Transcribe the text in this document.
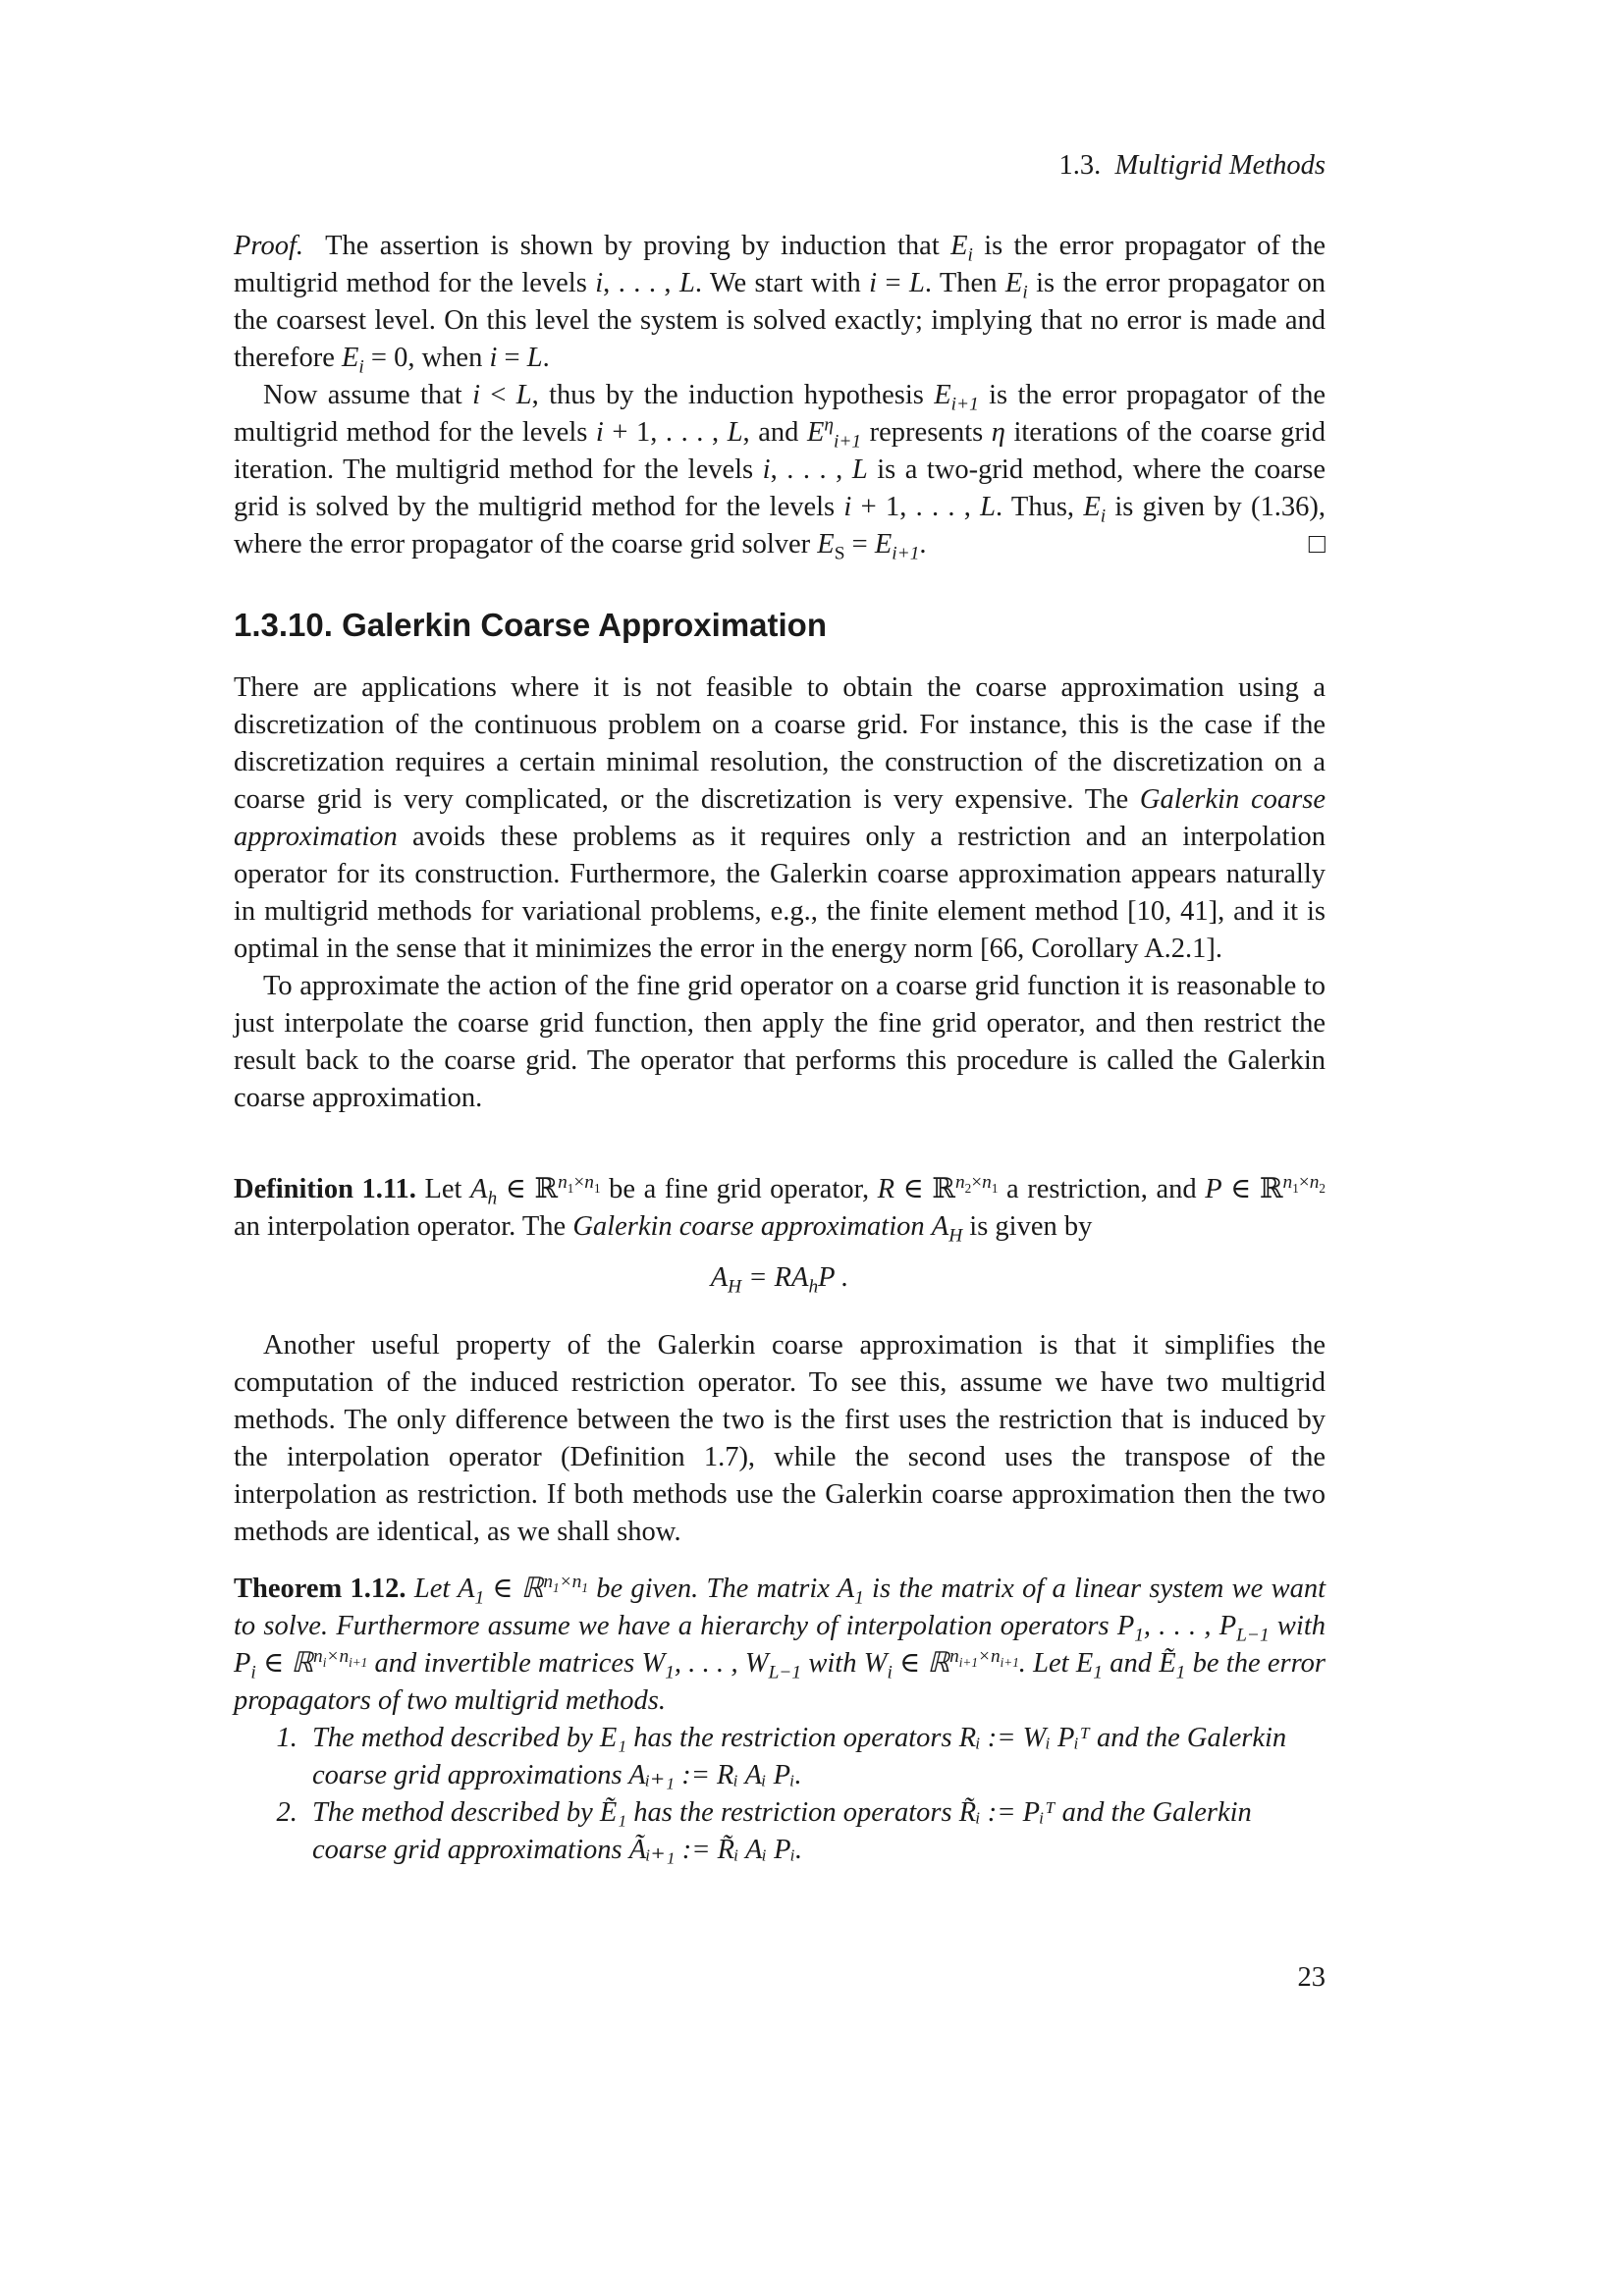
1.3.  Multigrid Methods

Proof.  The assertion is shown by proving by induction that $E_i$ is the error propagator of the multigrid method for the levels i, . . . , L. We start with i = L. Then $E_i$ is the error propagator on the coarsest level. On this level the system is solved exactly; implying that no error is made and therefore $E_i = 0$, when i = L.

Now assume that i < L, thus by the induction hypothesis $E_{i+1}$ is the error propagator of the multigrid method for the levels i + 1, . . . , L, and $E^\eta_{i+1}$ represents η iterations of the coarse grid iteration. The multigrid method for the levels i, . . . , L is a two-grid method, where the coarse grid is solved by the multigrid method for the levels i + 1, . . . , L. Thus, $E_i$ is given by (1.36), where the error propagator of the coarse grid solver $E_S = E_{i+1}$.	□

1.3.10. Galerkin Coarse Approximation

There are applications where it is not feasible to obtain the coarse approximation using a discretization of the continuous problem on a coarse grid. For instance, this is the case if the discretization requires a certain minimal resolution, the construction of the discretization on a coarse grid is very complicated, or the discretization is very expensive. The Galerkin coarse approximation avoids these problems as it requires only a restriction and an interpolation operator for its construction. Furthermore, the Galerkin coarse approximation appears naturally in multigrid methods for variational problems, e.g., the finite element method [10, 41], and it is optimal in the sense that it minimizes the error in the energy norm [66, Corollary A.2.1].

To approximate the action of the fine grid operator on a coarse grid function it is reasonable to just interpolate the coarse grid function, then apply the fine grid operator, and then restrict the result back to the coarse grid. The operator that performs this procedure is called the Galerkin coarse approximation.

Definition 1.11. Let $A_h$ ∈ ℝ$^{n_1\times n_1}$ be a fine grid operator, R ∈ ℝ$^{n_2\times n_1}$ a restriction, and P ∈ ℝ$^{n_1\times n_2}$ an interpolation operator. The Galerkin coarse approximation $A_H$ is given by

$A_H = RA_hP$ .

Another useful property of the Galerkin coarse approximation is that it simplifies the computation of the induced restriction operator. To see this, assume we have two multigrid methods. The only difference between the two is the first uses the restriction that is induced by the interpolation operator (Definition 1.7), while the second uses the transpose of the interpolation as restriction. If both methods use the Galerkin coarse approximation then the two methods are identical, as we shall show.

Theorem 1.12. Let $A_1$ ∈ ℝ$^{n_1\times n_1}$ be given. The matrix $A_1$ is the matrix of a linear system we want to solve. Furthermore assume we have a hierarchy of interpolation operators $P_1$, . . . , $P_{L-1}$ with $P_i$ ∈ ℝ$^{n_i\times n_{i+1}}$ and invertible matrices $W_1$, . . . , $W_{L-1}$ with $W_i$ ∈ ℝ$^{n_{i+1}\times n_{i+1}}$. Let $E_1$ and Ẽ$_1$ be the error propagators of two multigrid methods.

1. The method described by E₁ has the restriction operators Rᵢ := Wᵢ Pᵢᵀ and the Galerkin coarse grid approximations Aᵢ₊₁ := Rᵢ Aᵢ Pᵢ.
2. The method described by Ẽ₁ has the restriction operators R̃ᵢ := Pᵢᵀ and the Galerkin coarse grid approximations Ãᵢ₊₁ := R̃ᵢ Aᵢ Pᵢ.
23
